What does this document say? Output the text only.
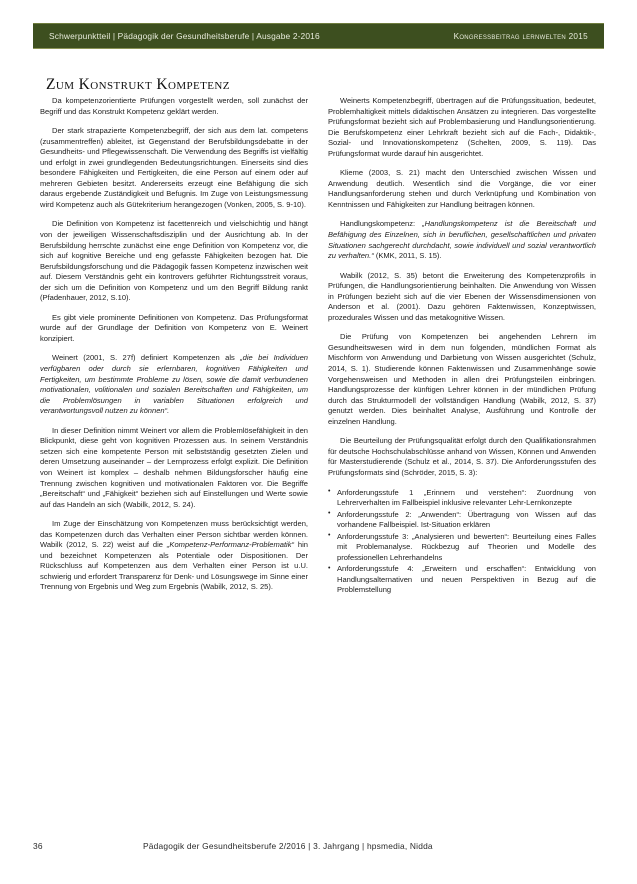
Schwerpunktteil | Pädagogik der Gesundheitsberufe | Ausgabe 2-2016	kongressbeitrag lernwelten 2015
Zum Konstrukt Kompetenz

Da kompetenzorientierte Prüfungen vorgestellt werden, soll zunächst der Begriff und das Konstrukt Kompetenz geklärt werden.

Der stark strapazierte Kompetenzbegriff, der sich aus dem lat. competens (zusammentreffen) ableitet, ist Gegenstand der Berufsbildungsdebatte in der Gesundheits- und Pflegewissenschaft. Die Verwendung des Begriffs ist vielfältig und erfolgt in zwei grundlegenden Bedeutungsrichtungen. Einerseits sind dies besondere Fähigkeiten und Fertigkeiten, die eine Person auf einem oder auf mehreren Gebieten besitzt. Andererseits erzeugt eine Befähigung die sich daraus ergebende Zuständigkeit und Befugnis. Im Zuge von Leistungsmessung wird Kompetenz auch als Gütekriterium herangezogen (Vonken, 2005, S. 9-10).

Die Definition von Kompetenz ist facettenreich und vielschichtig und hängt von der jeweiligen Wissenschaftsdisziplin und der Ausrichtung ab. In der Berufsbildung herrschte zunächst eine enge Definition von Kompetenz vor, die sich auf kognitive Bereiche und eng gefasste Fähigkeiten bezogen hat. Die Berufsbildungsforschung und die Pädagogik fassen Kompetenz inzwischen weit auf. Diesem Verständnis geht ein kontrovers geführter Richtungsstreit voraus, der sich um die Definition von Kompetenz und um den Begriff Bildung rankt (Pfadenhauer, 2012, S.10).

Es gibt viele prominente Definitionen von Kompetenz. Das Prüfungsformat wurde auf der Grundlage der Definition von Kompetenz von E. Weinert konzipiert.

Weinert (2001, S. 27f) definiert Kompetenzen als „die bei Individuen verfügbaren oder durch sie erlernbaren, kognitiven Fähigkeiten und Fertigkeiten, um bestimmte Probleme zu lösen, sowie die damit verbundenen motivationalen, volitionalen und sozialen Bereitschaften und Fähigkeiten, um die Problemlösungen in variablen Situationen erfolgreich und verantwortungsvoll nutzen zu können“.

In dieser Definition nimmt Weinert vor allem die Problemlösefähigkeit in den Blickpunkt, diese geht von kognitiven Prozessen aus. In seinem Verständnis setzen sich eine kompetente Person mit selbstständig gesetzten Zielen und deren Umsetzung auseinander – der Lernprozess erfolgt explizit. Die Definition von Weinert ist komplex – deshalb nehmen Bildungsforscher häufig eine Trennung zwischen kognitiven und motivationalen Faktoren vor. Die Begriffe „Bereitschaft“ und „Fähigkeit“ beziehen sich auf Einstellungen und Werte sowie auf das Handeln an sich (Wabilk, 2012, S. 24).

Im Zuge der Einschätzung von Kompetenzen muss berücksichtigt werden, das Kompetenzen durch das Verhalten einer Person sichtbar werden können. Wabilk (2012, S. 22) weist auf die „Kompetenz-Performanz-Problematik“ hin und bezeichnet Kompetenzen als Potentiale oder Dispositionen. Der Rückschluss auf Kompetenzen aus dem Verhalten einer Person ist u.U. schwierig und erfordert Transparenz für Denk- und Lösungswege im Sinne einer Trennung von Ergebnis und Weg zum Ergebnis (Wabilk, 2012, S. 25).

Weinerts Kompetenzbegriff, übertragen auf die Prüfungssituation, bedeutet, Problemhaltigkeit mittels didaktischen Ansätzen zu integrieren. Das vorgestellte Prüfungsformat bezieht sich auf Problembasierung und Handlungsorientierung. Die Berufskompetenz einer Lehrkraft bezieht sich auf die Fach-, Didaktik-, Sozial- und Innovationskompetenz (Schelten, 2009, S. 119). Das Prüfungsformat wurde darauf hin ausgerichtet.

Klieme (2003, S. 21) macht den Unterschied zwischen Wissen und Anwendung deutlich. Wesentlich sind die Vorgänge, die vor einer Handlungsanforderung stehen und durch Verknüpfung und Kombination von Kenntnissen und Fähigkeiten zur Handlung beitragen können.

Handlungskompetenz: „Handlungskompetenz ist die Bereitschaft und Befähigung des Einzelnen, sich in beruflichen, gesellschaftlichen und privaten Situationen sachgerecht durchdacht, sowie individuell und sozial verantwortlich zu verhalten.“ (KMK, 2011, S. 15).

Wabilk (2012, S. 35) betont die Erweiterung des Kompetenzprofils in Prüfungen, die Handlungsorientierung beinhalten. Die Anwendung von Wissen in Prüfungen bezieht sich auf die vier Ebenen der Wissensdimensionen von Anderson et al. (2001). Dazu gehören Faktenwissen, Konzeptwissen, prozedurales Wissen und das metakognitive Wissen.

Die Prüfung von Kompetenzen bei angehenden Lehrern im Gesundheitswesen wird in dem nun folgenden, mündlichen Format als Mischform von Anwendung und Darbietung von Wissen ausgerichtet (Schulz, 2014, S. 1). Studierende können Faktenwissen und Zusammenhänge sowie Vorgehensweisen und Methoden in allen drei Prüfungsteilen einbringen. Handlungsprozesse der künftigen Lehrer können in der mündlichen Prüfung durch das Strukturmodell der vollständigen Handlung (Wabilk, 2012, S. 37) genutzt werden. Dies beinhaltet Analyse, Ausführung und Kontrolle der einzelnen Handlung.

Die Beurteilung der Prüfungsqualität erfolgt durch den Qualifikationsrahmen für deutsche Hochschulabschlüsse anhand von Wissen, Können und Anwenden für Masterstudierende (Schulz et al., 2014, S. 37). Die Anforderungsstufen des Prüfungsformats sind (Schröder, 2015, S. 3):

• Anforderungsstufe 1 „Erinnern und verstehen“: Zuordnung von Lehrerverhalten im Fallbeispiel inklusive relevanter Lehr-Lernkonzepte
• Anforderungsstufe 2: „Anwenden“: Übertragung von Wissen auf das vorhandene Fallbeispiel. Ist-Situation erklären
• Anforderungsstufe 3: „Analysieren und bewerten“: Beurteilung eines Falles mit Problemanalyse. Rückbezug auf Theorien und Modelle des professionellen Lehrerhandelns
• Anforderungsstufe 4: „Erweitern und erschaffen“: Entwicklung von Handlungsalternativen und neuen Perspektiven in Bezug auf die Problemstellung
36	Pädagogik der Gesundheitsberufe 2/2016 | 3. Jahrgang | hpsmedia, Nidda
